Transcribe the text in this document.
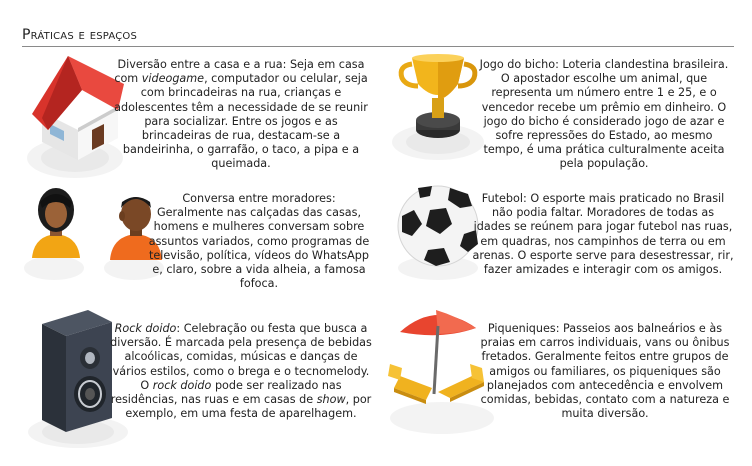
Práticas e espaços
Diversão entre a casa e a rua: Seja em casa com videogame, computador ou celular, seja com brincadeiras na rua, crianças e adolescentes têm a necessidade de se reunir para socializar. Entre os jogos e as brincadeiras de rua, destacam-se a bandeirinha, o garrafão, o taco, a pipa e a queimada.
Jogo do bicho: Loteria clandestina brasileira. O apostador escolhe um animal, que representa um número entre 1 e 25, e o vencedor recebe um prêmio em dinheiro. O jogo do bicho é considerado jogo de azar e sofre repressões do Estado, ao mesmo tempo, é uma prática culturalmente aceita pela população.
Conversa entre moradores: Geralmente nas calçadas das casas, homens e mulheres conversam sobre assuntos variados, como programas de televisão, política, vídeos do WhatsApp e, claro, sobre a vida alheia, a famosa fofoca.
Futebol: O esporte mais praticado no Brasil não podia faltar. Moradores de todas as idades se reúnem para jogar futebol nas ruas, em quadras, nos campinhos de terra ou em arenas. O esporte serve para desestressar, rir, fazer amizades e interagir com os amigos.
Rock doido: Celebração ou festa que busca a diversão. É marcada pela presença de bebidas alcoólicas, comidas, músicas e danças de vários estilos, como o brega e o tecnomelody. O rock doido pode ser realizado nas residências, nas ruas e em casas de show, por exemplo, em uma festa de aparelhagem.
Piqueniques: Passeios aos balneários e às praias em carros individuais, vans ou ônibus fretados. Geralmente feitos entre grupos de amigos ou familiares, os piqueniques são planejados com antecedência e envolvem comidas, bebidas, contato com a natureza e muita diversão.
